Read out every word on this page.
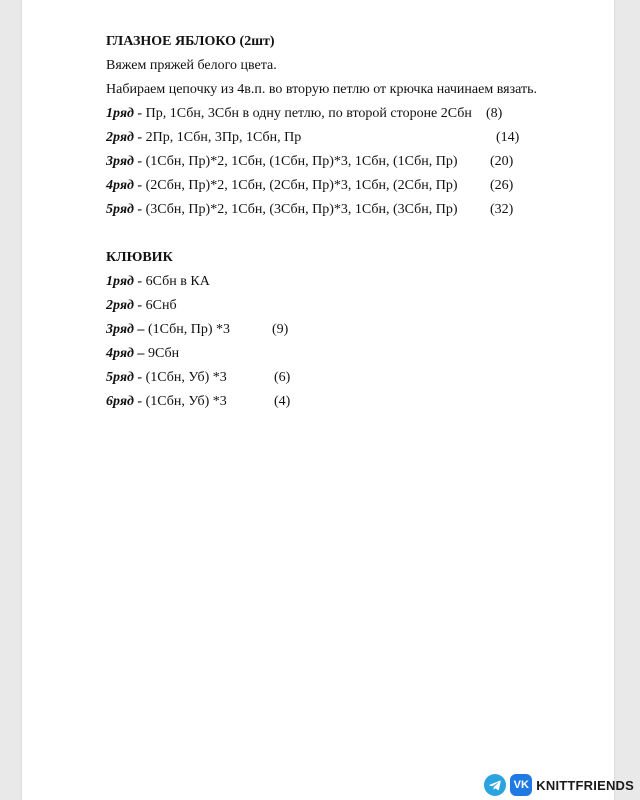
ГЛАЗНОЕ ЯБЛОКО (2шт)

Вяжем пряжей белого цвета.

Набираем цепочку из 4в.п. во вторую петлю от крючка начинаем вязать.

1ряд - Пр, 1Сбн, 3Сбн в одну петлю, по второй стороне 2Сбн (8)
2ряд - 2Пр, 1Сбн, 3Пр, 1Сбн, Пр	(14)
3ряд - (1Сбн, Пр)*2, 1Сбн, (1Сбн, Пр)*3, 1Сбн, (1Сбн, Пр) (20)
4ряд - (2Сбн, Пр)*2, 1Сбн, (2Сбн, Пр)*3, 1Сбн, (2Сбн, Пр) (26)
5ряд - (3Сбн, Пр)*2, 1Сбн, (3Сбн, Пр)*3, 1Сбн, (3Сбн, Пр) (32)

КЛЮВИК

1ряд - 6Сбн в КА
2ряд - 6Снб
3ряд – (1Сбн, Пр) *3	(9)
4ряд – 9Сбн
5ряд - (1Сбн, Уб) *3	(6)
6ряд - (1Сбн, Уб) *3	(4)
VK KNITTFRIENDS
